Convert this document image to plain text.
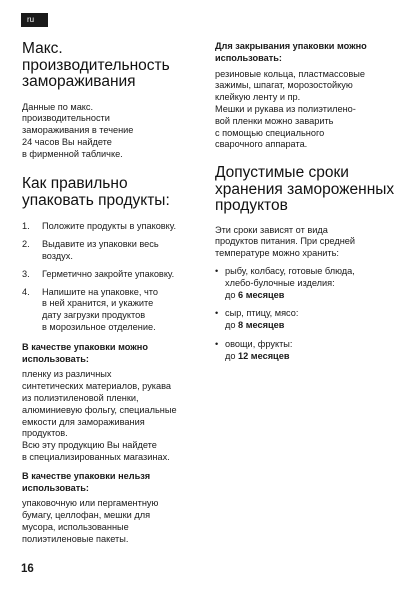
ru
Макс.
производительность
замораживания
Данные по макс.
производительности
замораживания в течение
24 часов Вы найдете
в фирменной табличке.
Как правильно
упаковать продукты:
1.	Положите продукты в упаковку.
2.	Выдавите из упаковки весь
воздух.
3.	Герметично закройте упаковку.
4.	Напишите на упаковке, что
в ней хранится, и укажите
дату загрузки продуктов
в морозильное отделение.
В качестве упаковки можно
использовать:
пленку из различных
синтетических материалов, рукава
из полиэтиленовой пленки,
алюминиевую фольгу, специальные
емкости для замораживания
продуктов.
Всю эту продукцию Вы найдете
в специализированных магазинах.
В качестве упаковки нельзя
использовать:
упаковочную или пергаментную
бумагу, целлофан, мешки для
мусора, использованные
полиэтиленовые пакеты.
Для закрывания упаковки можно
использовать:
резиновые кольца, пластмассовые
зажимы, шпагат, морозостойкую
клейкую ленту и пр.
Мешки и рукава из полиэтилено-
вой пленки можно заварить
с помощью специального
сварочного аппарата.
Допустимые сроки
хранения замороженных
продуктов
Эти сроки зависят от вида
продуктов питания. При средней
температуре можно хранить:
• рыбу, колбасу, готовые блюда,
хлебо-булочные изделия:
до 6 месяцев
• сыр, птицу, мясо:
до 8 месяцев
• овощи, фрукты:
до 12 месяцев
16
